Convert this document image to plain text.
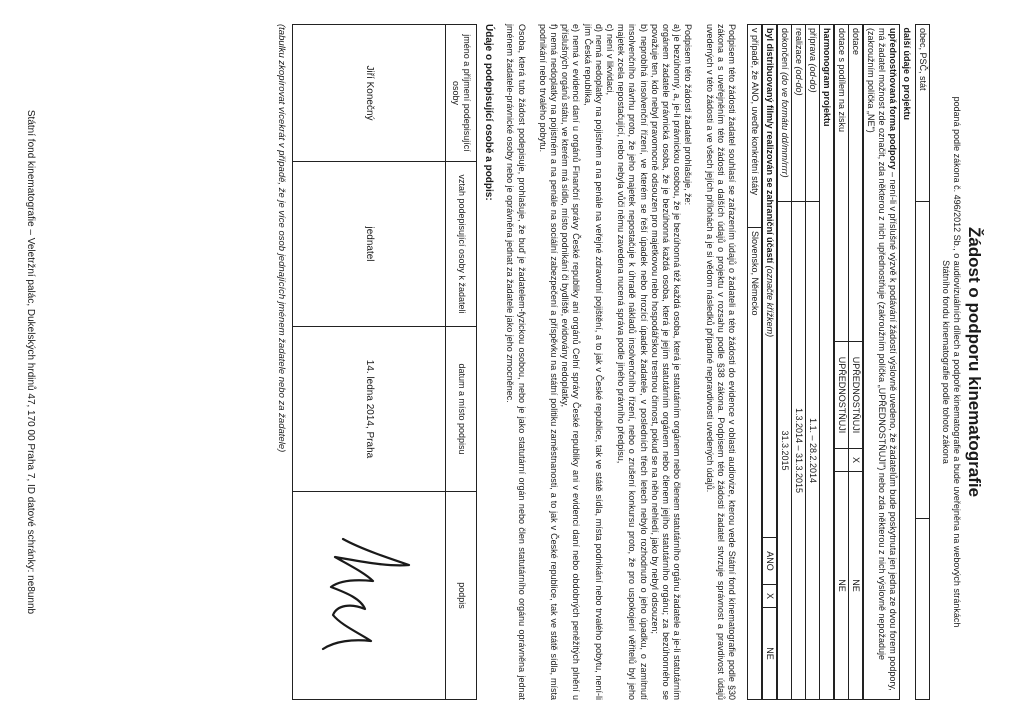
Žádost o podporu kinematografie
podaná podle zákona č. 496/2012 Sb., o audiovizuálních dílech a podpoře kinematografie a bude uveřejněna na webových stránkách Státního fondu kinematografie podle tohoto zákona
obec, PSČ, stát		
další údaje o projektu
upřednostňovaná forma podpory – není-li v příslušné výzvě k podávání žádostí výslovně uvedeno, že žadatelům bude poskytnuta jen jedna ze dvou forem podpory, má žadatel možnost zde označit, zda některou z nich upřednostňuje (zakroužním políčka „UPŘEDNOSTŇUJI") nebo zda některou z nich výslovně nepožaduje (zakroužním políčka „NE")
dotace	UPŘEDNOSTŇUJI	X	NE
dotace s podílem na zisku	UPŘEDNOSTŇUJI		NE
harmonogram projektu	
příprava (od-do)	1.1. – 28.2.2014
realizace (od-do)	1.3.2014 – 31.3.2015
dokončení (do ve formátu dd/mm/rrrr)	31.3.2015
byl distribuovaný film/y realizován se zahraniční účastí (označte křížkem)	ANO	X	NE
v případě, že ANO, uveďte konkrétní státy	Slovensko, Německo

Podpisem této žádosti žadatel souhlasí se zařazením údajů o žadateli a této žádosti do evidence v oblasti audiovize, kterou vede Státní fond kinematografie podle §30 zákona a s uveřejněním této žádosti a dalších údajů o projektu v rozsahu podle §38 zákona. Podpisem této žádosti žadatel stvrzuje správnost a pravdivost údajů uvedených v této žádosti a ve všech jejích přílohách a je si vědom následků případné nepravdivosti uvedených údajů.

Podpisem této žádosti žadatel prohlašuje, že:

a) je bezúhonný, a, je-li právnickou osobou, že je bezúhonná též každá osoba, která je statutárním orgánem nebo členem statutárního orgánu žadatele a je-li statutárním orgánem žadatele právnická osoba, že je bezúhonná každá osoba, která je jejím statutárním orgánem nebo členem jejího statutárního orgánu; za bezúhonného se považuje ten, kdo nebyl pravomocně odsouzen pro majetkovou nebo hospodářskou trestnou činnost, pokud se na něho nehledí, jako by nebyl odsouzen;

b) neprobíhá insolvenční řízení, ve kterém se řeší úpadek nebo hrozící úpadek žadatele, v posledních třech letech nebylo rozhodnuto o jeho úpadku, o zamítnutí insolvenčního návrhu proto, že jeho majetek nepostačuje k úhradě nákladů insolvenčního řízení, nebo o zrušení konkursu proto, že pro uspokojení věřitelů byl jeho majetek zcela nepostačující, nebo nebyla vůči němu zavedena nucená správa podle jiného právního předpisu,

c) není v likvidaci,

d) nemá nedoplatky na pojistném a na penále na veřejné zdravotní pojištění, a to jak v České republice, tak ve státě sídla, místa podnikání nebo trvalého pobytu, není-li jím Česká republika,

e) nemá v evidenci daní u orgánů Finanční správy České republiky ani orgánů Celní správy České republiky ani v evidenci daní nebo obdobných peněžitých plnění u příslušných orgánů státu, ve kterém má sídlo, místo podnikání či bydliště, evidovány nedoplatky,

f) nemá nedoplatky na pojistném a na penále na sociální zabezpečení a příspěvku na státní politiku zaměstnanosti, a to jak v České republice, tak ve státě sídla, místa podnikání nebo trvalého pobytu.

Osoba, která tuto žádost podepisuje, prohlašuje, že buď je žadatelem-fyzickou osobou, nebo je jako statutární orgán nebo člen statutárního orgánu oprávněna jednat jménem žadatele-právnické osoby nebo je oprávněna jednat za žadatele jako jeho zmocněnec.

Údaje o podepisující osobě a podpis:
jméno a příjmení podepisující osoby	vztah podepisující osoby k žadateli	datum a místo podpisu	podpis
Jiří Konečný	jednatel	14. ledna 2014, Praha	
(tabulku zkopírovat vícekrát v případě, že je více osob jednajících jménem žadatele nebo za žadatele)
Státní fond kinematografie – Veletržní palác, Dukelských hrdinů 47, 170 00 Praha 7, ID datové schránky: ne8unnb
